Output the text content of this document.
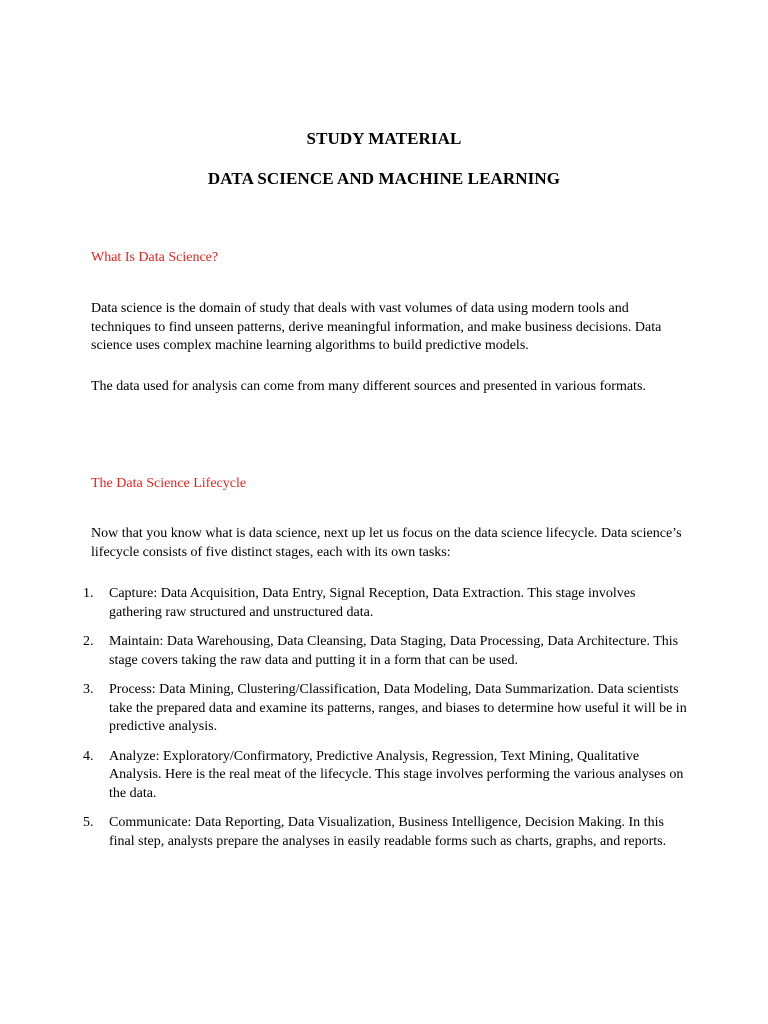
STUDY MATERIAL
DATA SCIENCE AND MACHINE LEARNING
What Is Data Science?
Data science is the domain of study that deals with vast volumes of data using modern tools and techniques to find unseen patterns, derive meaningful information, and make business decisions. Data science uses complex machine learning algorithms to build predictive models.
The data used for analysis can come from many different sources and presented in various formats.
The Data Science Lifecycle
Now that you know what is data science, next up let us focus on the data science lifecycle. Data science’s lifecycle consists of five distinct stages, each with its own tasks:
1. Capture: Data Acquisition, Data Entry, Signal Reception, Data Extraction. This stage involves gathering raw structured and unstructured data.
2. Maintain: Data Warehousing, Data Cleansing, Data Staging, Data Processing, Data Architecture. This stage covers taking the raw data and putting it in a form that can be used.
3. Process: Data Mining, Clustering/Classification, Data Modeling, Data Summarization. Data scientists take the prepared data and examine its patterns, ranges, and biases to determine how useful it will be in predictive analysis.
4. Analyze: Exploratory/Confirmatory, Predictive Analysis, Regression, Text Mining, Qualitative Analysis. Here is the real meat of the lifecycle. This stage involves performing the various analyses on the data.
5. Communicate: Data Reporting, Data Visualization, Business Intelligence, Decision Making. In this final step, analysts prepare the analyses in easily readable forms such as charts, graphs, and reports.
